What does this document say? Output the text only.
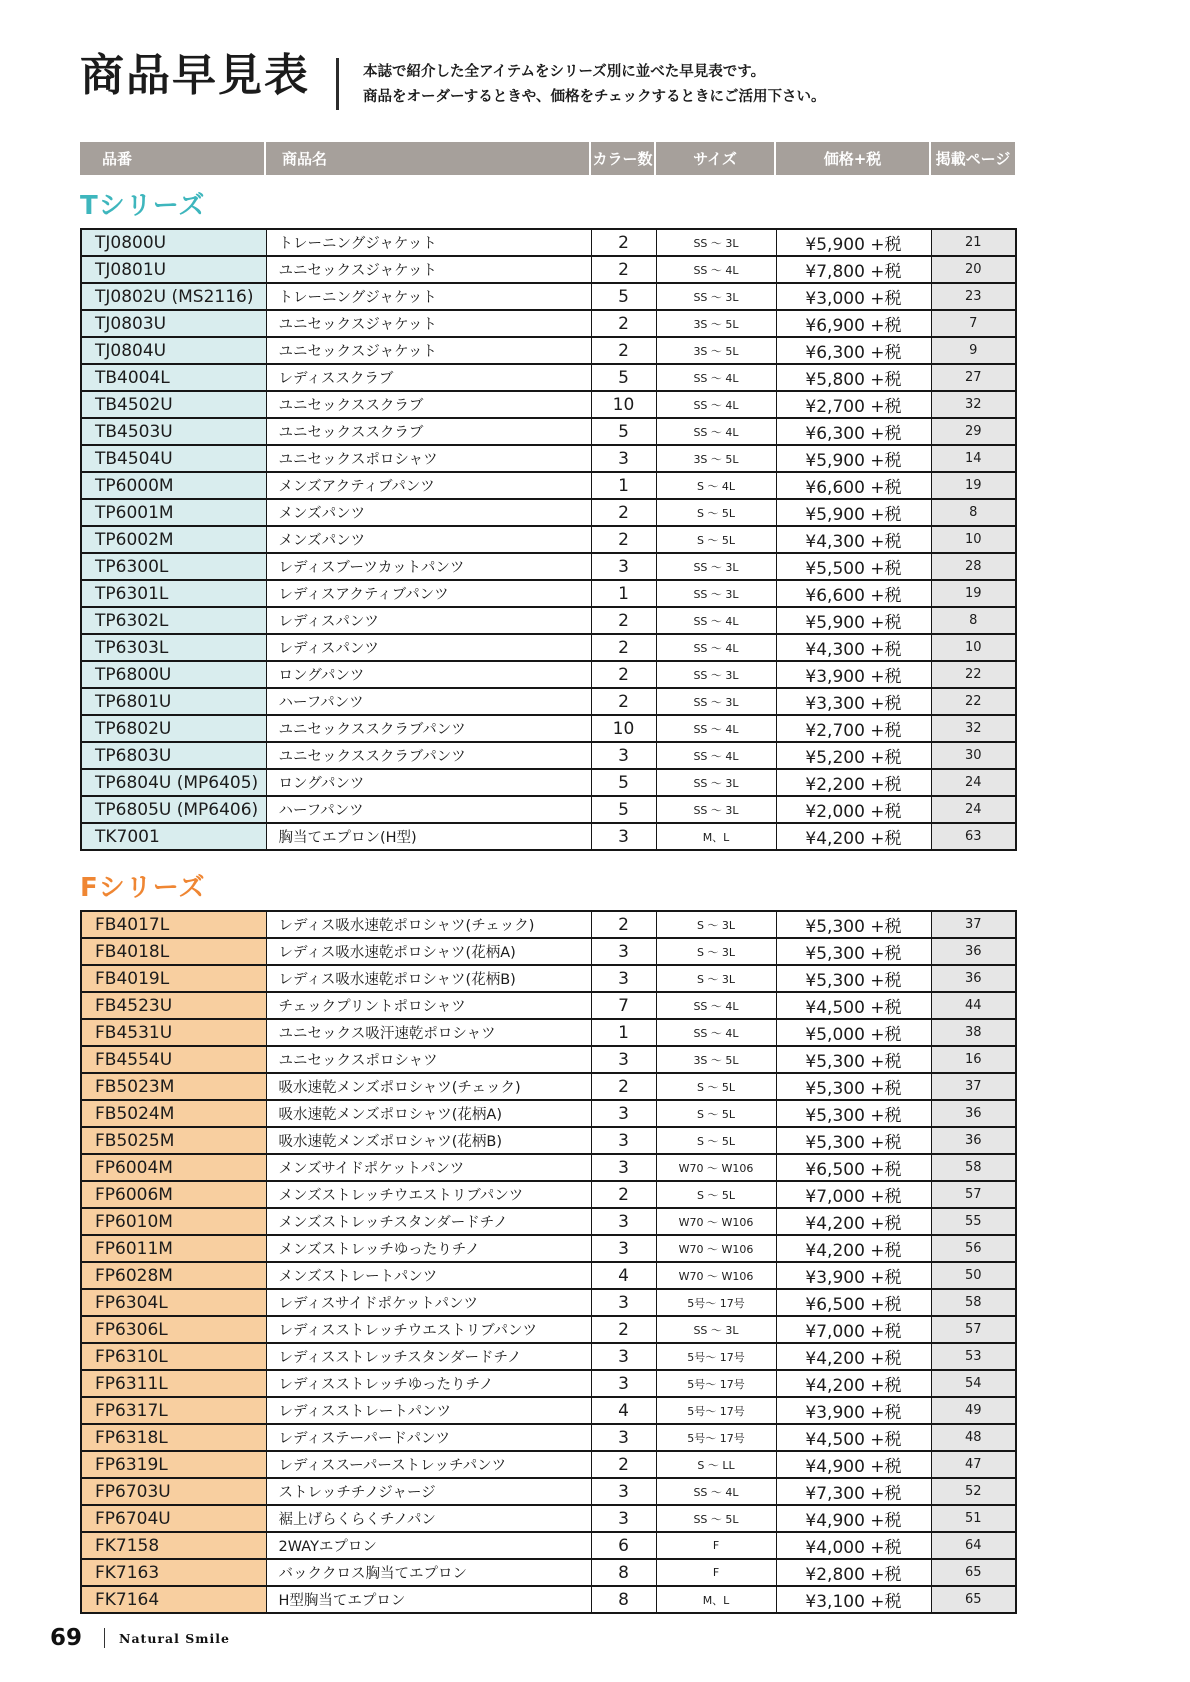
商品早見表	本誌で紹介した全アイテムをシリーズ別に並べた早見表です。

商品をオーダーするときや、価格をチェックするときにご活用下さい。

品番	商品名	カラー数	サイズ	価格+税	掲載ページ
Tシリーズ
TJ0800U	トレーニングジャケット	2	SS 〜 3L	¥5,900 +税	21
TJ0801U	ユニセックスジャケット	2	SS 〜 4L	¥7,800 +税	20
TJ0802U (MS2116)	トレーニングジャケット	5	SS 〜 3L	¥3,000 +税	23
TJ0803U	ユニセックスジャケット	2	3S 〜 5L	¥6,900 +税	7
TJ0804U	ユニセックスジャケット	2	3S 〜 5L	¥6,300 +税	9
TB4004L	レディススクラブ	5	SS 〜 4L	¥5,800 +税	27
TB4502U	ユニセックススクラブ	10	SS 〜 4L	¥2,700 +税	32
TB4503U	ユニセックススクラブ	5	SS 〜 4L	¥6,300 +税	29
TB4504U	ユニセックスポロシャツ	3	3S 〜 5L	¥5,900 +税	14
TP6000M	メンズアクティブパンツ	1	S 〜 4L	¥6,600 +税	19
TP6001M	メンズパンツ	2	S 〜 5L	¥5,900 +税	8
TP6002M	メンズパンツ	2	S 〜 5L	¥4,300 +税	10
TP6300L	レディスブーツカットパンツ	3	SS 〜 3L	¥5,500 +税	28
TP6301L	レディスアクティブパンツ	1	SS 〜 3L	¥6,600 +税	19
TP6302L	レディスパンツ	2	SS 〜 4L	¥5,900 +税	8
TP6303L	レディスパンツ	2	SS 〜 4L	¥4,300 +税	10
TP6800U	ロングパンツ	2	SS 〜 3L	¥3,900 +税	22
TP6801U	ハーフパンツ	2	SS 〜 3L	¥3,300 +税	22
TP6802U	ユニセックススクラブパンツ	10	SS 〜 4L	¥2,700 +税	32
TP6803U	ユニセックススクラブパンツ	3	SS 〜 4L	¥5,200 +税	30
TP6804U (MP6405)	ロングパンツ	5	SS 〜 3L	¥2,200 +税	24
TP6805U (MP6406)	ハーフパンツ	5	SS 〜 3L	¥2,000 +税	24
TK7001	胸当てエプロン(H型)	3	M、L	¥4,200 +税	63
Fシリーズ
FB4017L	レディス吸水速乾ポロシャツ(チェック)	2	S 〜 3L	¥5,300 +税	37
FB4018L	レディス吸水速乾ポロシャツ(花柄A)	3	S 〜 3L	¥5,300 +税	36
FB4019L	レディス吸水速乾ポロシャツ(花柄B)	3	S 〜 3L	¥5,300 +税	36
FB4523U	チェックプリントポロシャツ	7	SS 〜 4L	¥4,500 +税	44
FB4531U	ユニセックス吸汗速乾ポロシャツ	1	SS 〜 4L	¥5,000 +税	38
FB4554U	ユニセックスポロシャツ	3	3S 〜 5L	¥5,300 +税	16
FB5023M	吸水速乾メンズポロシャツ(チェック)	2	S 〜 5L	¥5,300 +税	37
FB5024M	吸水速乾メンズポロシャツ(花柄A)	3	S 〜 5L	¥5,300 +税	36
FB5025M	吸水速乾メンズポロシャツ(花柄B)	3	S 〜 5L	¥5,300 +税	36
FP6004M	メンズサイドポケットパンツ	3	W70 〜 W106	¥6,500 +税	58
FP6006M	メンズストレッチウエストリブパンツ	2	S 〜 5L	¥7,000 +税	57
FP6010M	メンズストレッチスタンダードチノ	3	W70 〜 W106	¥4,200 +税	55
FP6011M	メンズストレッチゆったりチノ	3	W70 〜 W106	¥4,200 +税	56
FP6028M	メンズストレートパンツ	4	W70 〜 W106	¥3,900 +税	50
FP6304L	レディスサイドポケットパンツ	3	5号〜 17号	¥6,500 +税	58
FP6306L	レディスストレッチウエストリブパンツ	2	SS 〜 3L	¥7,000 +税	57
FP6310L	レディスストレッチスタンダードチノ	3	5号〜 17号	¥4,200 +税	53
FP6311L	レディスストレッチゆったりチノ	3	5号〜 17号	¥4,200 +税	54
FP6317L	レディスストレートパンツ	4	5号〜 17号	¥3,900 +税	49
FP6318L	レディステーパードパンツ	3	5号〜 17号	¥4,500 +税	48
FP6319L	レディススーパーストレッチパンツ	2	S 〜 LL	¥4,900 +税	47
FP6703U	ストレッチチノジャージ	3	SS 〜 4L	¥7,300 +税	52
FP6704U	裾上げらくらくチノパン	3	SS 〜 5L	¥4,900 +税	51
FK7158	2WAYエプロン	6	F	¥4,000 +税	64
FK7163	バッククロス胸当てエプロン	8	F	¥2,800 +税	65
FK7164	H型胸当てエプロン	8	M、L	¥3,100 +税	65
69	Natural Smile
